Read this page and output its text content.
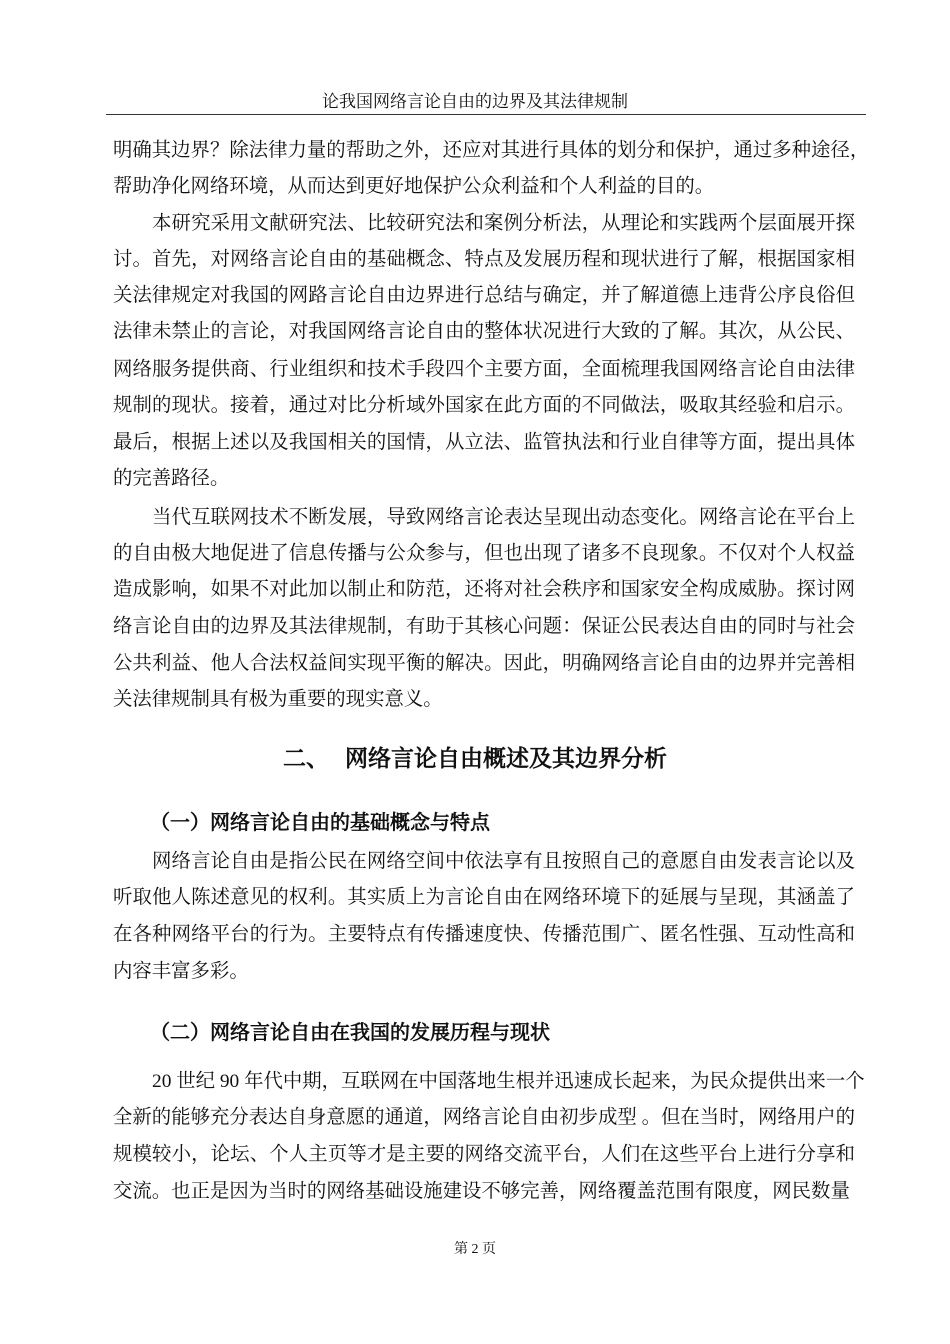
论我国网络言论自由的边界及其法律规制
明确其边界？除法律力量的帮助之外，还应对其进行具体的划分和保护，通过多种途径，
帮助净化网络环境，从而达到更好地保护公众利益和个人利益的目的。
本研究采用文献研究法、比较研究法和案例分析法，从理论和实践两个层面展开探
讨。首先，对网络言论自由的基础概念、特点及发展历程和现状进行了解，根据国家相
关法律规定对我国的网路言论自由边界进行总结与确定，并了解道德上违背公序良俗但
法律未禁止的言论，对我国网络言论自由的整体状况进行大致的了解。其次，从公民、
网络服务提供商、行业组织和技术手段四个主要方面，全面梳理我国网络言论自由法律
规制的现状。接着，通过对比分析域外国家在此方面的不同做法，吸取其经验和启示。
最后，根据上述以及我国相关的国情，从立法、监管执法和行业自律等方面，提出具体
的完善路径。
当代互联网技术不断发展，导致网络言论表达呈现出动态变化。网络言论在平台上
的自由极大地促进了信息传播与公众参与，但也出现了诸多不良现象。不仅对个人权益
造成影响，如果不对此加以制止和防范，还将对社会秩序和国家安全构成威胁。探讨网
络言论自由的边界及其法律规制，有助于其核心问题：保证公民表达自由的同时与社会
公共利益、他人合法权益间实现平衡的解决。因此，明确网络言论自由的边界并完善相
关法律规制具有极为重要的现实意义。
网络言论自由是指公民在网络空间中依法享有且按照自己的意愿自由发表言论以及
听取他人陈述意见的权利。其实质上为言论自由在网络环境下的延展与呈现，其涵盖了
在各种网络平台的行为。主要特点有传播速度快、传播范围广、匿名性强、互动性高和
内容丰富多彩。
20 世纪 90 年代中期，互联网在中国落地生根并迅速成长起来，为民众提供出来一个
全新的能够充分表达自身意愿的通道，网络言论自由初步成型 。但在当时，网络用户的
规模较小，论坛、个人主页等才是主要的网络交流平台，人们在这些平台上进行分享和
交流。也正是因为当时的网络基础设施建设不够完善，网络覆盖范围有限度，网民数量
二、  网络言论自由概述及其边界分析
（一）网络言论自由的基础概念与特点
（二）网络言论自由在我国的发展历程与现状
第 2 页
